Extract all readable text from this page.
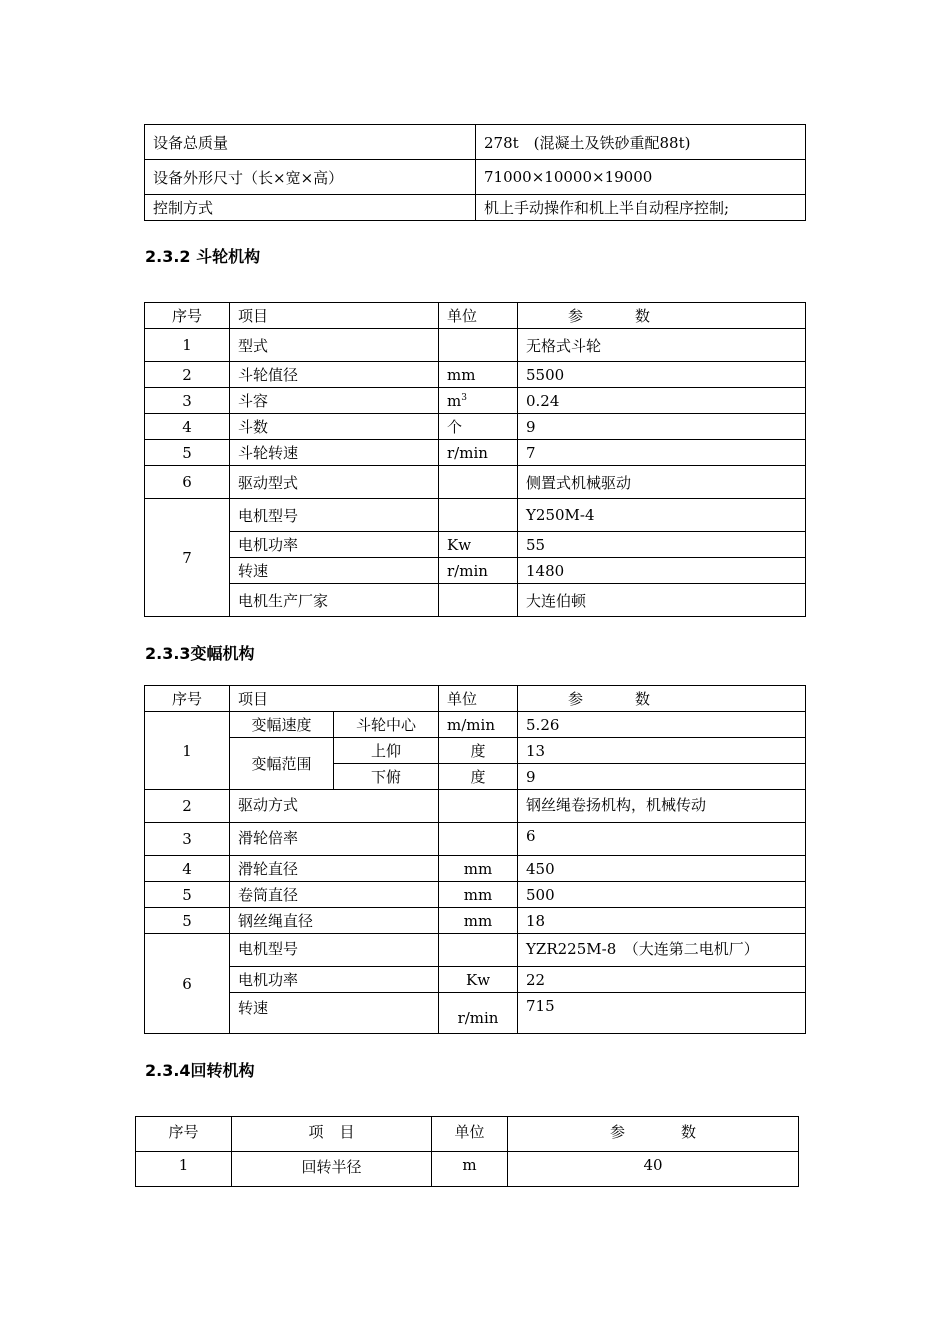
设备总质量	278t　(混凝土及铁砂重配88t)
设备外形尺寸（长×宽×高）	71000×10000×19000
控制方式	机上手动操作和机上半自动程序控制;
2.3.2 斗轮机构
序号	项目	单位	参 数
1	型式		无格式斗轮
2	斗轮值径	mm	5500
3	斗容	$m^3$	0.24
4	斗数	个	9
5	斗轮转速	r/min	7
6	驱动型式		侧置式机械驱动
7	电机型号		Y250M-4
	电机功率	Kw	55
	转速	r/min	1480
	电机生产厂家		大连伯顿
2.3.3变幅机构
序号	项目		单位	参 数
1	变幅速度	斗轮中心	m/min	5.26
	变幅范围	上仰	度	13
		下俯	度	9
2	驱动方式			钢丝绳卷扬机构，机械传动
3	滑轮倍率			6
4	滑轮直径		mm	450
5	卷筒直径		mm	500
5	钢丝绳直径		mm	18
6	电机型号			YZR225M-8　（大连第二电机厂）
	电机功率		Kw	22
	转速		r/min	715
2.3.4回转机构
序号	项 目	单位	参 数
1	回转半径	m	40
